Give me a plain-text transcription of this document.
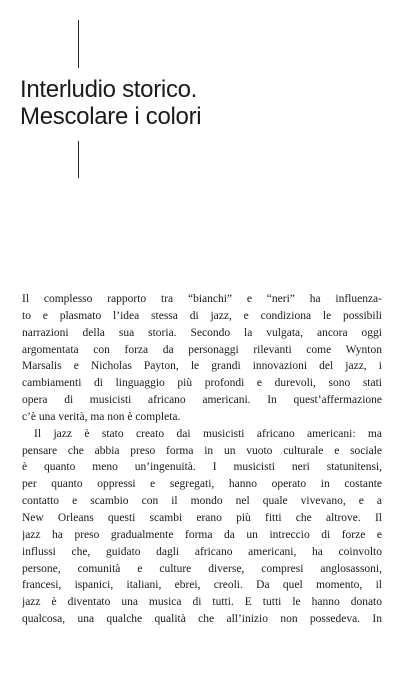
Interludio storico.
Mescolare i colori
Il complesso rapporto tra “bianchi” e “neri” ha influenza-
to e plasmato l’idea stessa di jazz, e condiziona le possibili
narrazioni della sua storia. Secondo la vulgata, ancora oggi
argomentata con forza da personaggi rilevanti come Wynton
Marsalis e Nicholas Payton, le grandi innovazioni del jazz, i
cambiamenti di linguaggio più profondi e durevoli, sono stati
opera di musicisti africano americani. In quest’affermazione
c’è una verità, ma non è completa.
Il jazz è stato creato dai musicisti africano americani: ma
pensare che abbia preso forma in un vuoto culturale e sociale
è quanto meno un’ingenuità. I musicisti neri statunitensi,
per quanto oppressi e segregati, hanno operato in costante
contatto e scambio con il mondo nel quale vivevano, e a
New Orleans questi scambi erano più fitti che altrove. Il
jazz ha preso gradualmente forma da un intreccio di forze e
influssi che, guidato dagli africano americani, ha coinvolto
persone, comunità e culture diverse, compresi anglosassoni,
francesi, ispanici, italiani, ebrei, creoli. Da quel momento, il
jazz è diventato una musica di tutti. E tutti le hanno donato
qualcosa, una qualche qualità che all’inizio non possedeva. In
